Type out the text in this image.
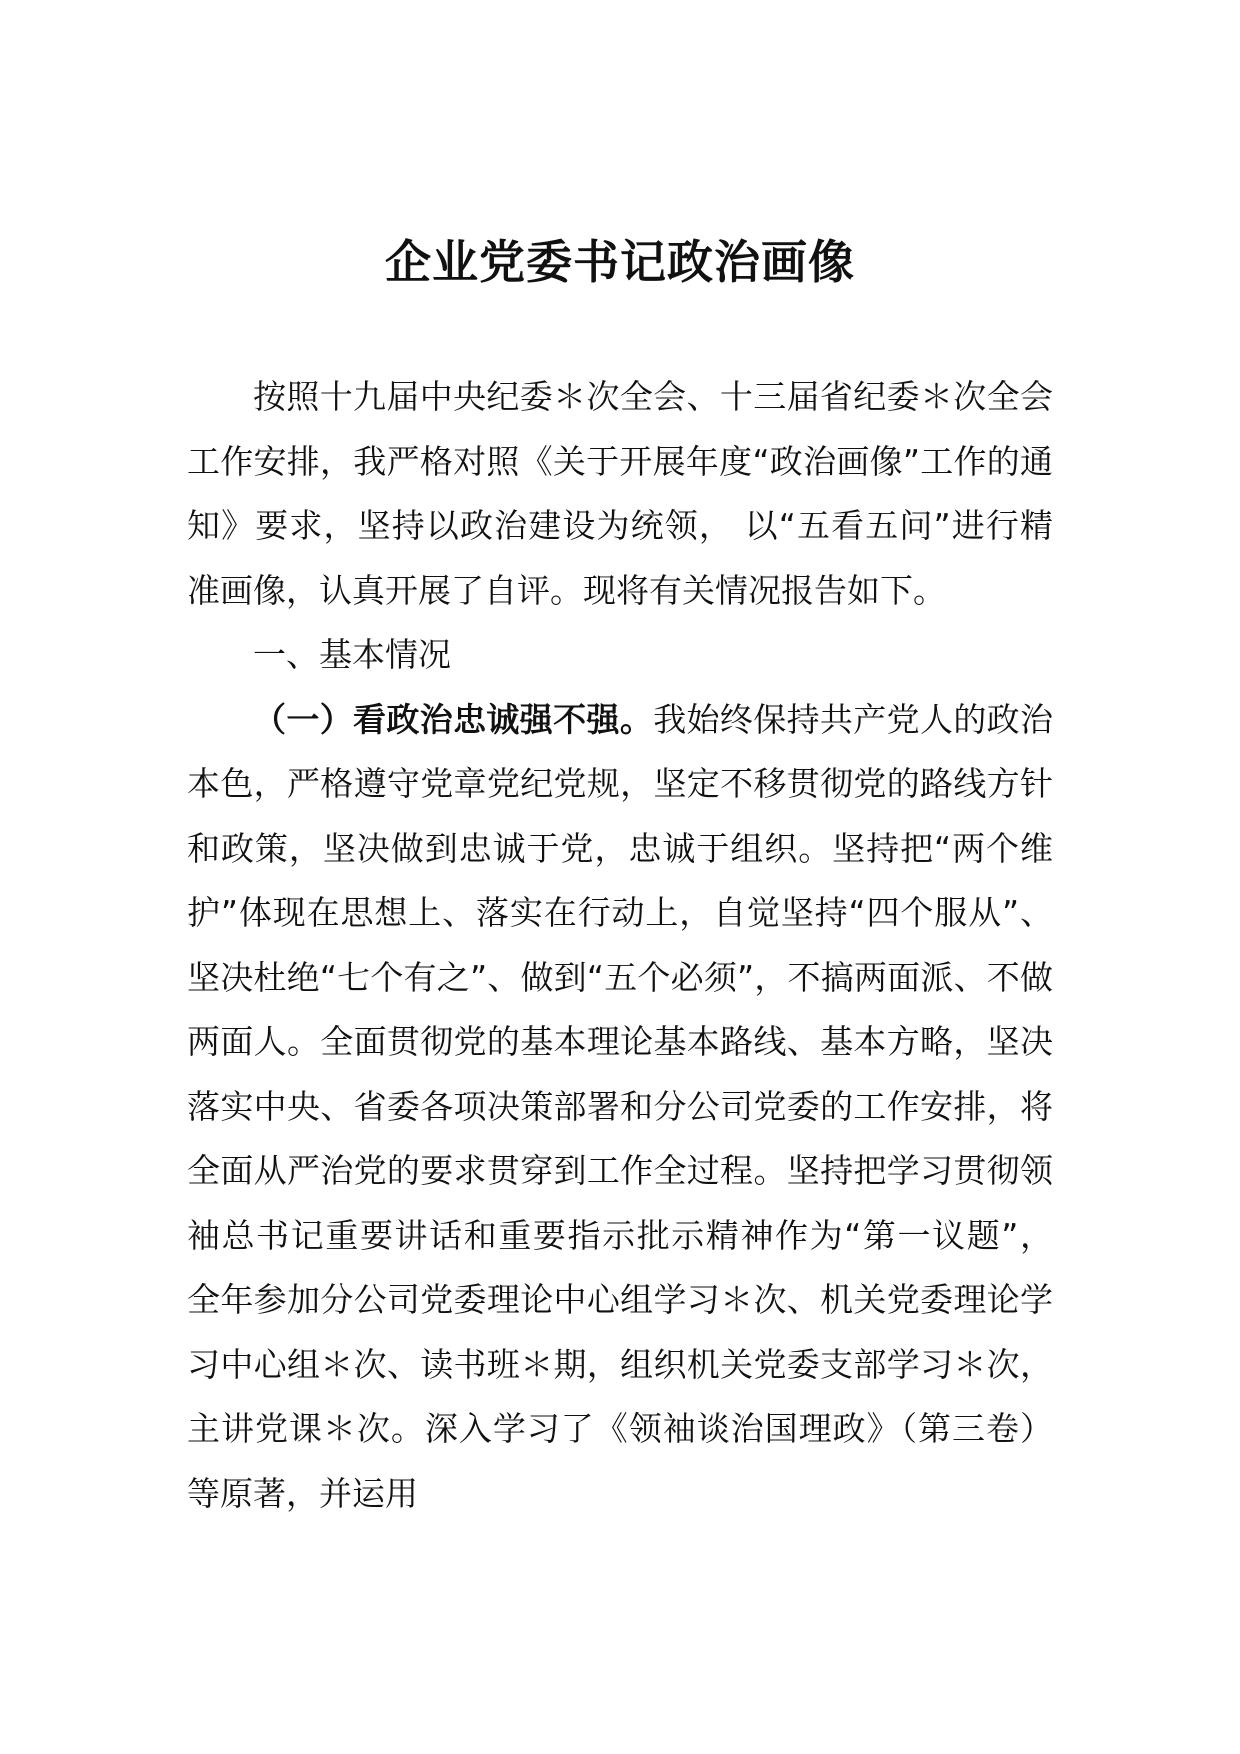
企业党委书记政治画像

按照十九届中央纪委＊次全会、十三届省纪委＊次全会工作安排，我严格对照《关于开展年度“政治画像”工作的通知》要求，坚持以政治建设为统领， 以“五看五问”进行精准画像，认真开展了自评。现将有关情况报告如下。

一、基本情况

（一）看政治忠诚强不强。我始终保持共产党人的政治本色，严格遵守党章党纪党规，坚定不移贯彻党的路线方针和政策，坚决做到忠诚于党，忠诚于组织。坚持把“两个维护”体现在思想上、落实在行动上，自觉坚持“四个服从”、坚决杜绝“七个有之”、做到“五个必须”，不搞两面派、不做两面人。全面贯彻党的基本理论基本路线、基本方略，坚决落实中央、省委各项决策部署和分公司党委的工作安排，将全面从严治党的要求贯穿到工作全过程。坚持把学习贯彻领袖总书记重要讲话和重要指示批示精神作为“第一议题”， 全年参加分公司党委理论中心组学习＊次、机关党委理论学习中心组＊次、读书班＊期，组织机关党委支部学习＊次，主讲党课＊次。深入学习了《领袖谈治国理政》（第三卷）等原著，并运用
